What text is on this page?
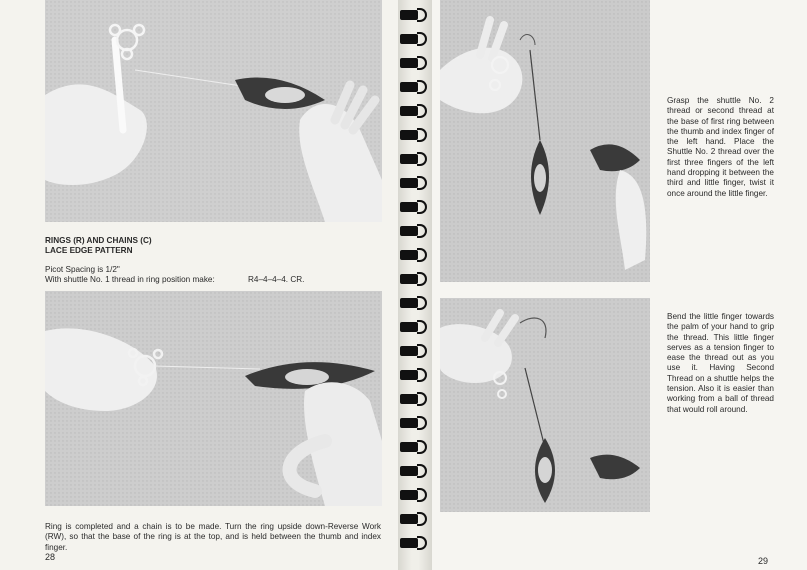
RINGS (R) AND CHAINS (C)
LACE EDGE PATTERN
Picot Spacing is 1/2"
With shuttle No. 1 thread in ring position make:	R4–4–4–4. CR.
Ring is completed and a chain is to be made. Turn the ring upside down-Reverse Work (RW), so that the base of the ring is at the top, and is held between the thumb and index finger.
28
Grasp the shuttle No. 2 thread or second thread at the base of first ring between the thumb and index finger of the left hand. Place the Shuttle No. 2 thread over the first three fingers of the left hand dropping it between the third and little finger, twist it once around the little finger.
Bend the little finger towards the palm of your hand to grip the thread. This little finger serves as a tension finger to ease the thread out as you use it. Having Second Thread on a shuttle helps the tension. Also it is easier than working from a ball of thread that would roll around.
29
